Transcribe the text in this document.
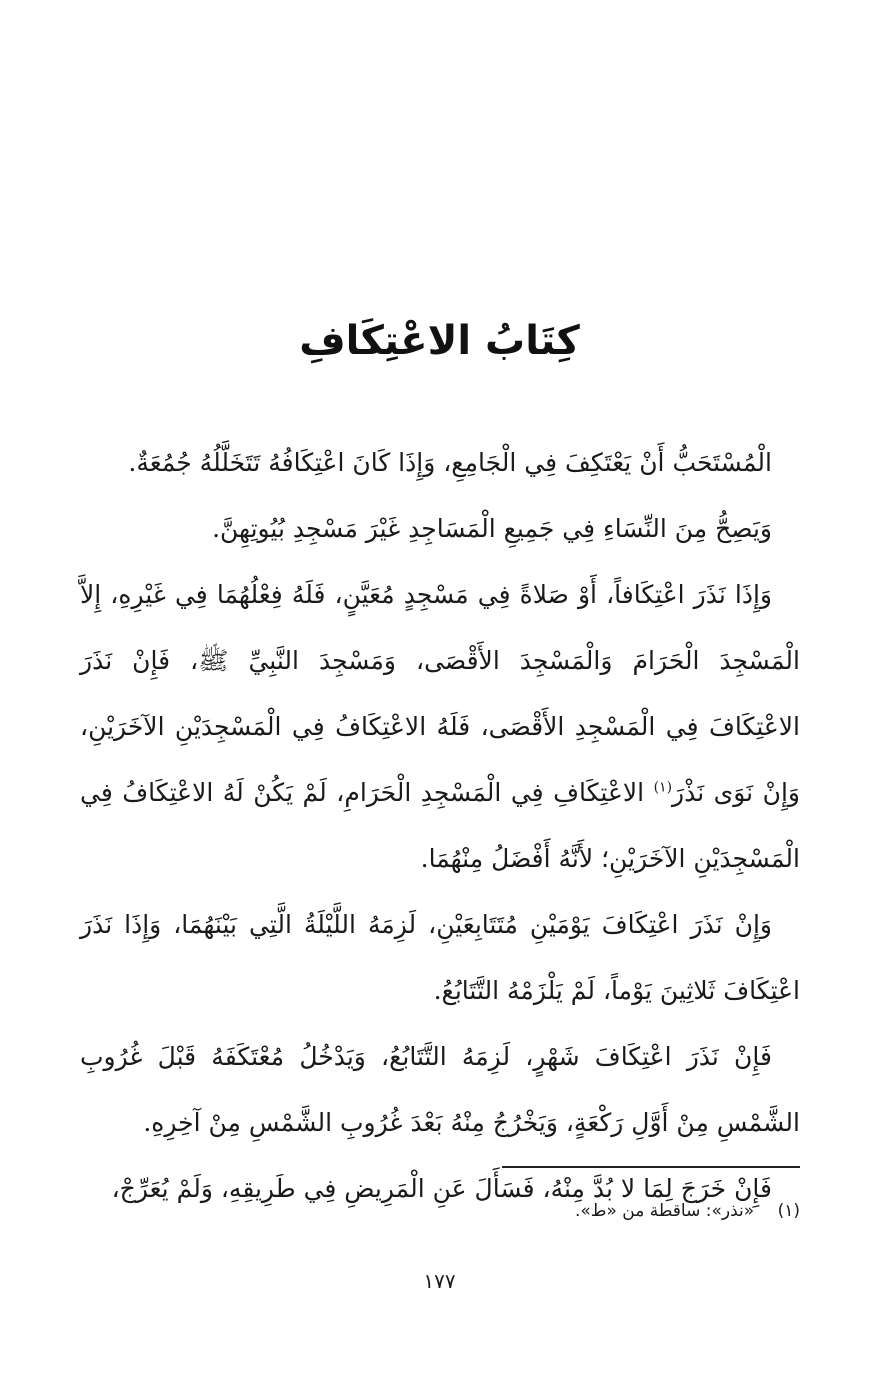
كِتَابُ الاعْتِكَافِ

الْمُسْتَحَبُّ أَنْ يَعْتَكِفَ فِي الْجَامِعِ، وَإِذَا كَانَ اعْتِكَافُهُ تَتَخَلَّلُهُ جُمُعَةٌ.

وَيَصِحُّ مِنَ النِّسَاءِ فِي جَمِيعِ الْمَسَاجِدِ غَيْرَ مَسْجِدِ بُيُوتِهِنَّ.

وَإِذَا نَذَرَ اعْتِكَافاً، أَوْ صَلاةً فِي مَسْجِدٍ مُعَيَّنٍ، فَلَهُ فِعْلُهُمَا فِي غَيْرِهِ، إِلاَّ الْمَسْجِدَ الْحَرَامَ وَالْمَسْجِدَ الأَقْصَى، وَمَسْجِدَ النَّبِيِّ ﷺ، فَإِنْ نَذَرَ الاعْتِكَافَ فِي الْمَسْجِدِ الأَقْصَى، فَلَهُ الاعْتِكَافُ فِي الْمَسْجِدَيْنِ الآخَرَيْنِ، وَإِنْ نَوَى نَذْرَ$^{(١)}$ الاعْتِكَافِ فِي الْمَسْجِدِ الْحَرَامِ، لَمْ يَكُنْ لَهُ الاعْتِكَافُ فِي الْمَسْجِدَيْنِ الآخَرَيْنِ؛ لأَنَّهُ أَفْضَلُ مِنْهُمَا.

وَإِنْ نَذَرَ اعْتِكَافَ يَوْمَيْنِ مُتَتَابِعَيْنِ، لَزِمَهُ اللَّيْلَةُ الَّتِي بَيْنَهُمَا، وَإِذَا نَذَرَ اعْتِكَافَ ثَلاثِينَ يَوْماً، لَمْ يَلْزَمْهُ التَّتَابُعُ.

فَإِنْ نَذَرَ اعْتِكَافَ شَهْرٍ، لَزِمَهُ التَّتَابُعُ، وَيَدْخُلُ مُعْتَكَفَهُ قَبْلَ غُرُوبِ الشَّمْسِ مِنْ أَوَّلِ رَكْعَةٍ، وَيَخْرُجُ مِنْهُ بَعْدَ غُرُوبِ الشَّمْسِ مِنْ آخِرِهِ.

فَإِنْ خَرَجَ لِمَا لا بُدَّ مِنْهُ، فَسَأَلَ عَنِ الْمَرِيضِ فِي طَرِيقِهِ، وَلَمْ يُعَرِّجْ،

(١) «نذر»: ساقطة من «ط».
١٧٧
